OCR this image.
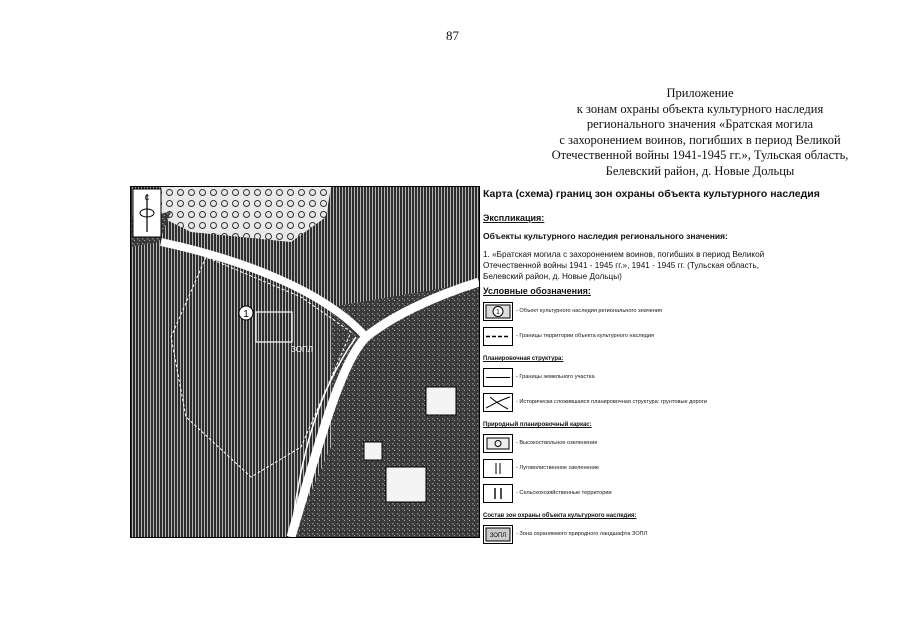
87
Приложение
к зонам охраны объекта культурного наследия
регионального значения «Братская могила
с захоронением воинов, погибших в период Великой
Отечественной войны 1941-1945 гг.», Тульская область,
Белевский район, д. Новые Дольцы
1
ЗОПЛ
С	Карта (схема) границ зон охраны объекта культурного наследия
Экспликация:
Объекты культурного наследия регионального значения:
1. «Братская могила с захоронением воинов, погибших в период Великой
Отечественной войны 1941 - 1945 гг.», 1941 - 1945 гг. (Тульская область,
Белевский район, д. Новые Дольцы)
Условные обозначения:
1	- Объект культурного наследия регионального значения
- Границы территории объекта культурного наследия
Планировочная структура:
- Границы земельного участка
- Исторически сложившаяся планировочная структура: грунтовые дороги
Природный планировочный каркас:
- Высокоствольное озеленение
- Луговолиственное озеленение
- Сельскохозяйственные территории
Состав зон охраны объекта культурного наследия:
ЗОПЛ - Зона охраняемого природного ландшафта ЗОПЛ
